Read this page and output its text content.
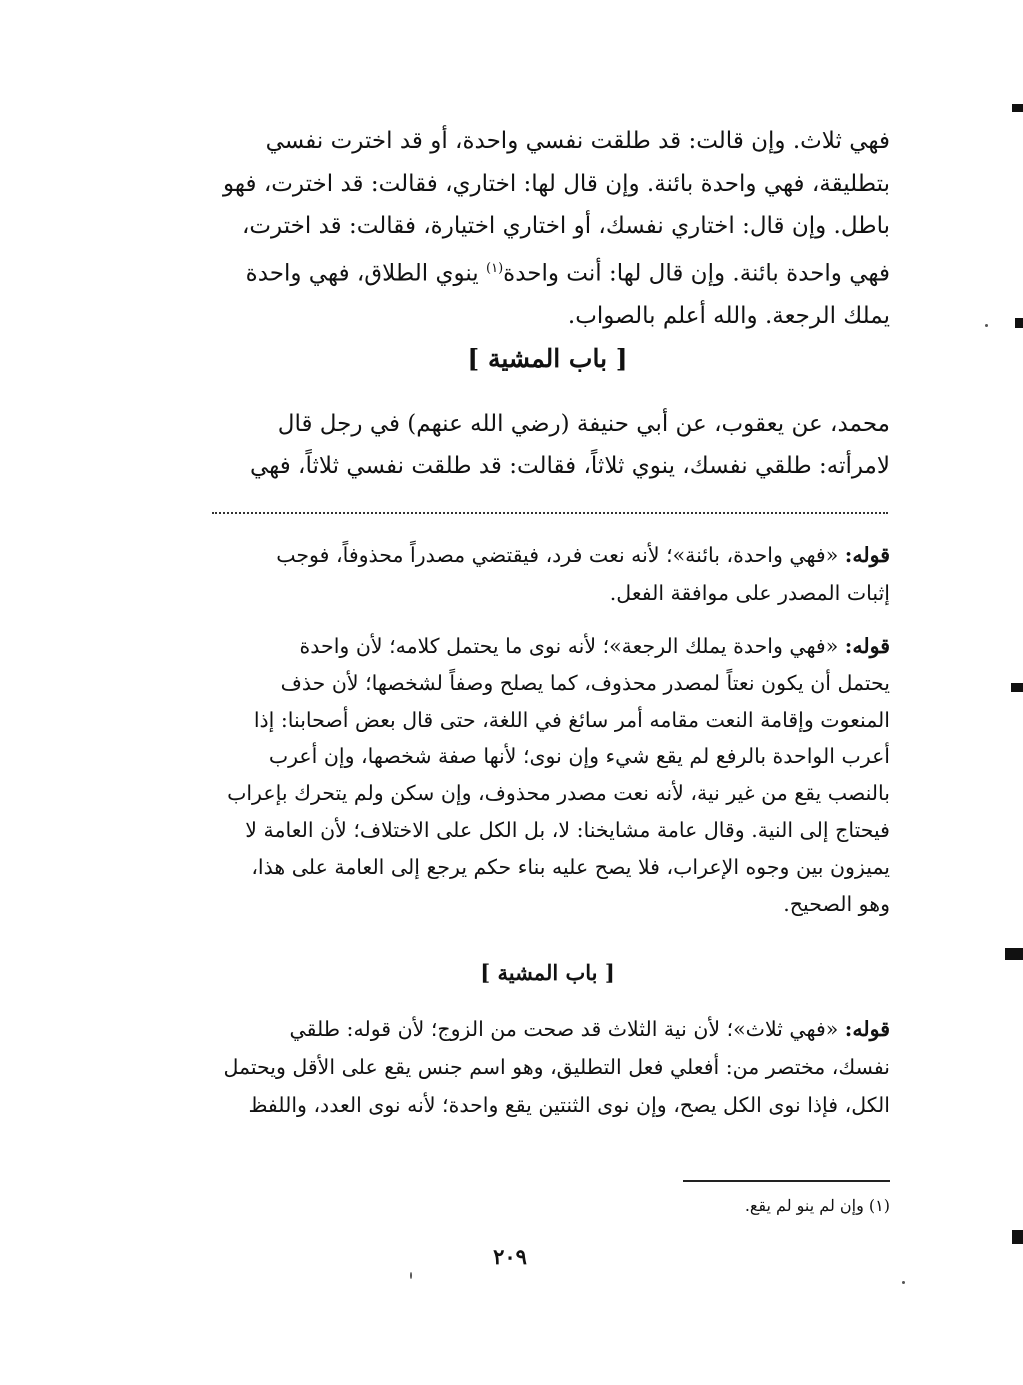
فهي ثلاث. وإن قالت: قد طلقت نفسي واحدة، أو قد اخترت نفسي
بتطليقة، فهي واحدة بائنة. وإن قال لها: اختاري، فقالت: قد اخترت، فهو
باطل. وإن قال: اختاري نفسك، أو اختاري اختيارة، فقالت: قد اخترت،
فهي واحدة بائنة. وإن قال لها: أنت واحدة$^{(١)}$ ينوي الطلاق، فهي واحدة
يملك الرجعة. والله أعلم بالصواب.
[ باب المشية ]
محمد، عن يعقوب، عن أبي حنيفة (رضي الله عنهم) في رجل قال
لامرأته: طلقي نفسك، ينوي ثلاثاً، فقالت: قد طلقت نفسي ثلاثاً، فهي
قوله: «فهي واحدة، بائنة»؛ لأنه نعت فرد، فيقتضي مصدراً محذوفاً، فوجب
إثبات المصدر على موافقة الفعل.
قوله: «فهي واحدة يملك الرجعة»؛ لأنه نوى ما يحتمل كلامه؛ لأن واحدة
يحتمل أن يكون نعتاً لمصدر محذوف، كما يصلح وصفاً لشخصها؛ لأن حذف
المنعوت وإقامة النعت مقامه أمر سائغ في اللغة، حتى قال بعض أصحابنا: إذا
أعرب الواحدة بالرفع لم يقع شيء وإن نوى؛ لأنها صفة شخصها، وإن أعرب
بالنصب يقع من غير نية، لأنه نعت مصدر محذوف، وإن سكن ولم يتحرك بإعراب
فيحتاج إلى النية. وقال عامة مشايخنا: لا، بل الكل على الاختلاف؛ لأن العامة لا
يميزون بين وجوه الإعراب، فلا يصح عليه بناء حكم يرجع إلى العامة على هذا،
وهو الصحيح.
[ باب المشية ]
قوله: «فهي ثلاث»؛ لأن نية الثلاث قد صحت من الزوج؛ لأن قوله: طلقي
نفسك، مختصر من: أفعلي فعل التطليق، وهو اسم جنس يقع على الأقل ويحتمل
الكل، فإذا نوى الكل يصح، وإن نوى الثنتين يقع واحدة؛ لأنه نوى العدد، واللفظ
(١) وإن لم ينو لم يقع.
٢٠٩
